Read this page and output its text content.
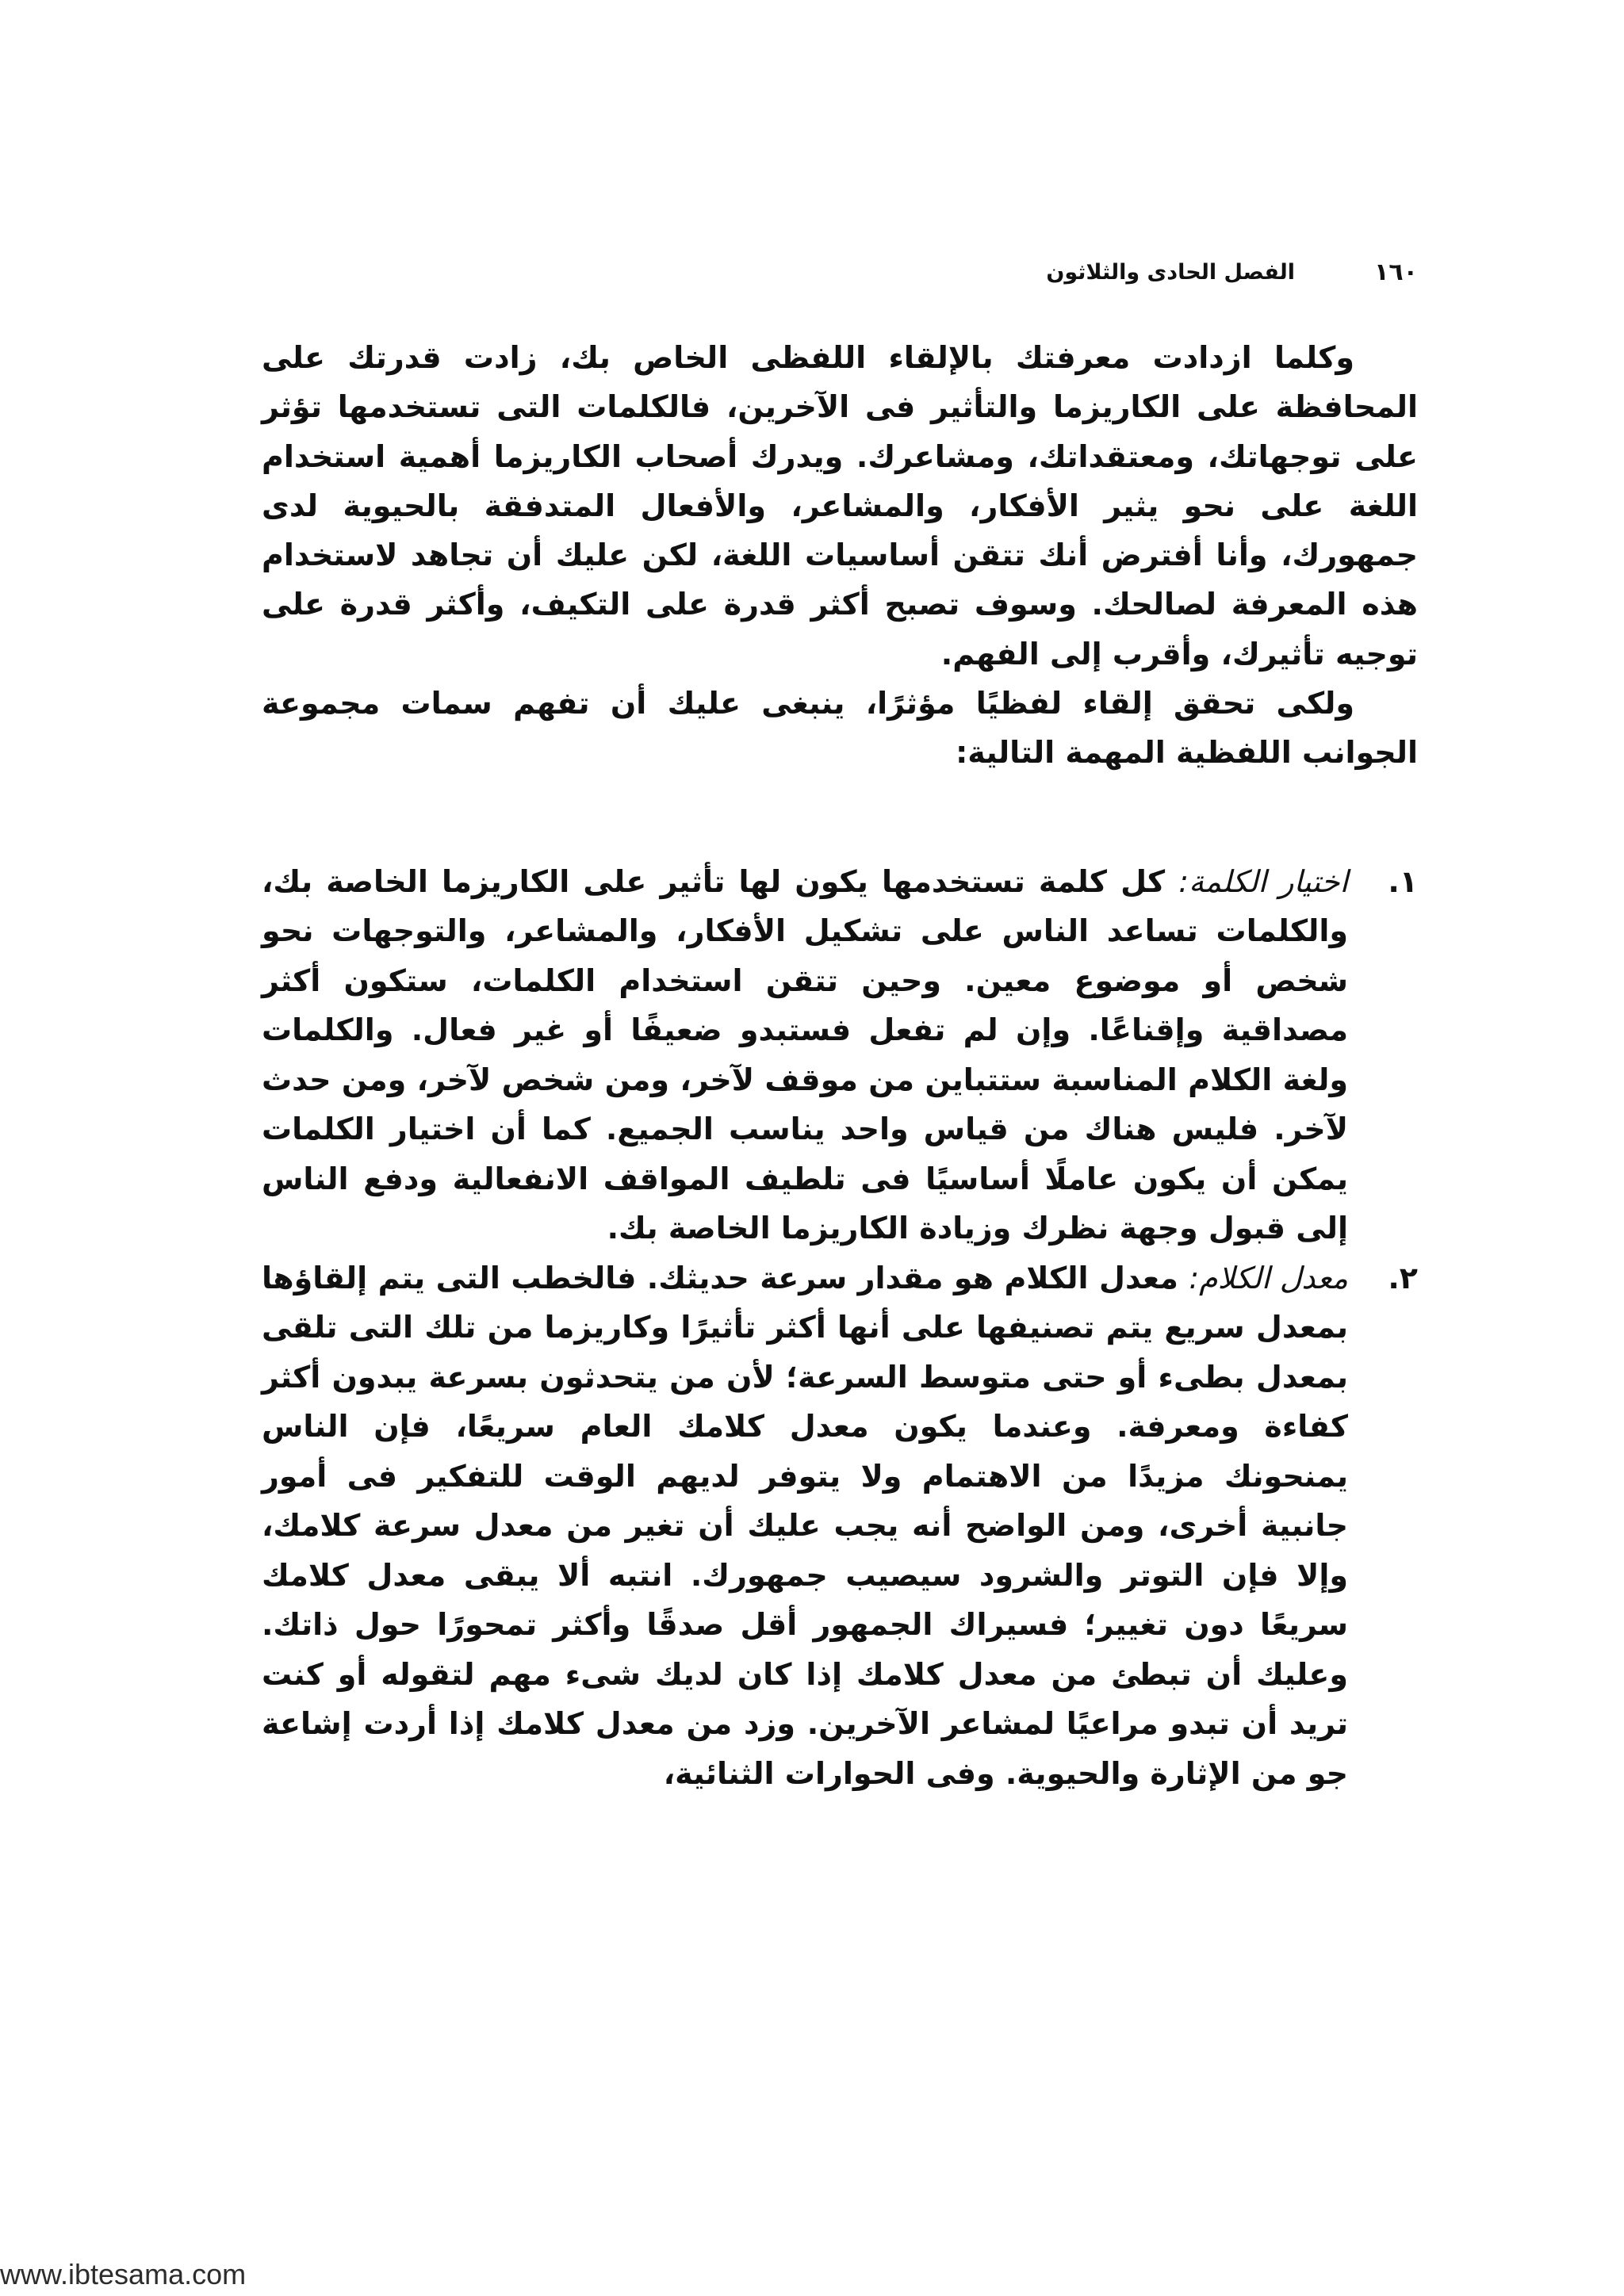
١٦٠
الفصل الحادى والثلاثون

وكلما ازدادت معرفتك بالإلقاء اللفظى الخاص بك، زادت قدرتك على المحافظة على الكاريزما والتأثير فى الآخرين، فالكلمات التى تستخدمها تؤثر على توجهاتك، ومعتقداتك، ومشاعرك. ويدرك أصحاب الكاريزما أهمية استخدام اللغة على نحو يثير الأفكار، والمشاعر، والأفعال المتدفقة بالحيوية لدى جمهورك، وأنا أفترض أنك تتقن أساسيات اللغة، لكن عليك أن تجاهد لاستخدام هذه المعرفة لصالحك. وسوف تصبح أكثر قدرة على التكيف، وأكثر قدرة على توجيه تأثيرك، وأقرب إلى الفهم.

ولكى تحقق إلقاء لفظيًا مؤثرًا، ينبغى عليك أن تفهم سمات مجموعة الجوانب اللفظية المهمة التالية:

١.

اختيار الكلمة: كل كلمة تستخدمها يكون لها تأثير على الكاريزما الخاصة بك، والكلمات تساعد الناس على تشكيل الأفكار، والمشاعر، والتوجهات نحو شخص أو موضوع معين. وحين تتقن استخدام الكلمات، ستكون أكثر مصداقية وإقناعًا. وإن لم تفعل فستبدو ضعيفًا أو غير فعال. والكلمات ولغة الكلام المناسبة ستتباين من موقف لآخر، ومن شخص لآخر، ومن حدث لآخر. فليس هناك من قياس واحد يناسب الجميع. كما أن اختيار الكلمات يمكن أن يكون عاملًا أساسيًا فى تلطيف المواقف الانفعالية ودفع الناس إلى قبول وجهة نظرك وزيادة الكاريزما الخاصة بك.

٢.

معدل الكلام: معدل الكلام هو مقدار سرعة حديثك. فالخطب التى يتم إلقاؤها بمعدل سريع يتم تصنيفها على أنها أكثر تأثيرًا وكاريزما من تلك التى تلقى بمعدل بطىء أو حتى متوسط السرعة؛ لأن من يتحدثون بسرعة يبدون أكثر كفاءة ومعرفة. وعندما يكون معدل كلامك العام سريعًا، فإن الناس يمنحونك مزيدًا من الاهتمام ولا يتوفر لديهم الوقت للتفكير فى أمور جانبية أخرى، ومن الواضح أنه يجب عليك أن تغير من معدل سرعة كلامك، وإلا فإن التوتر والشرود سيصيب جمهورك. انتبه ألا يبقى معدل كلامك سريعًا دون تغيير؛ فسيراك الجمهور أقل صدقًا وأكثر تمحورًا حول ذاتك. وعليك أن تبطئ من معدل كلامك إذا كان لديك شىء مهم لتقوله أو كنت تريد أن تبدو مراعيًا لمشاعر الآخرين. وزد من معدل كلامك إذا أردت إشاعة جو من الإثارة والحيوية. وفى الحوارات الثنائية،

www.ibtesama.com
